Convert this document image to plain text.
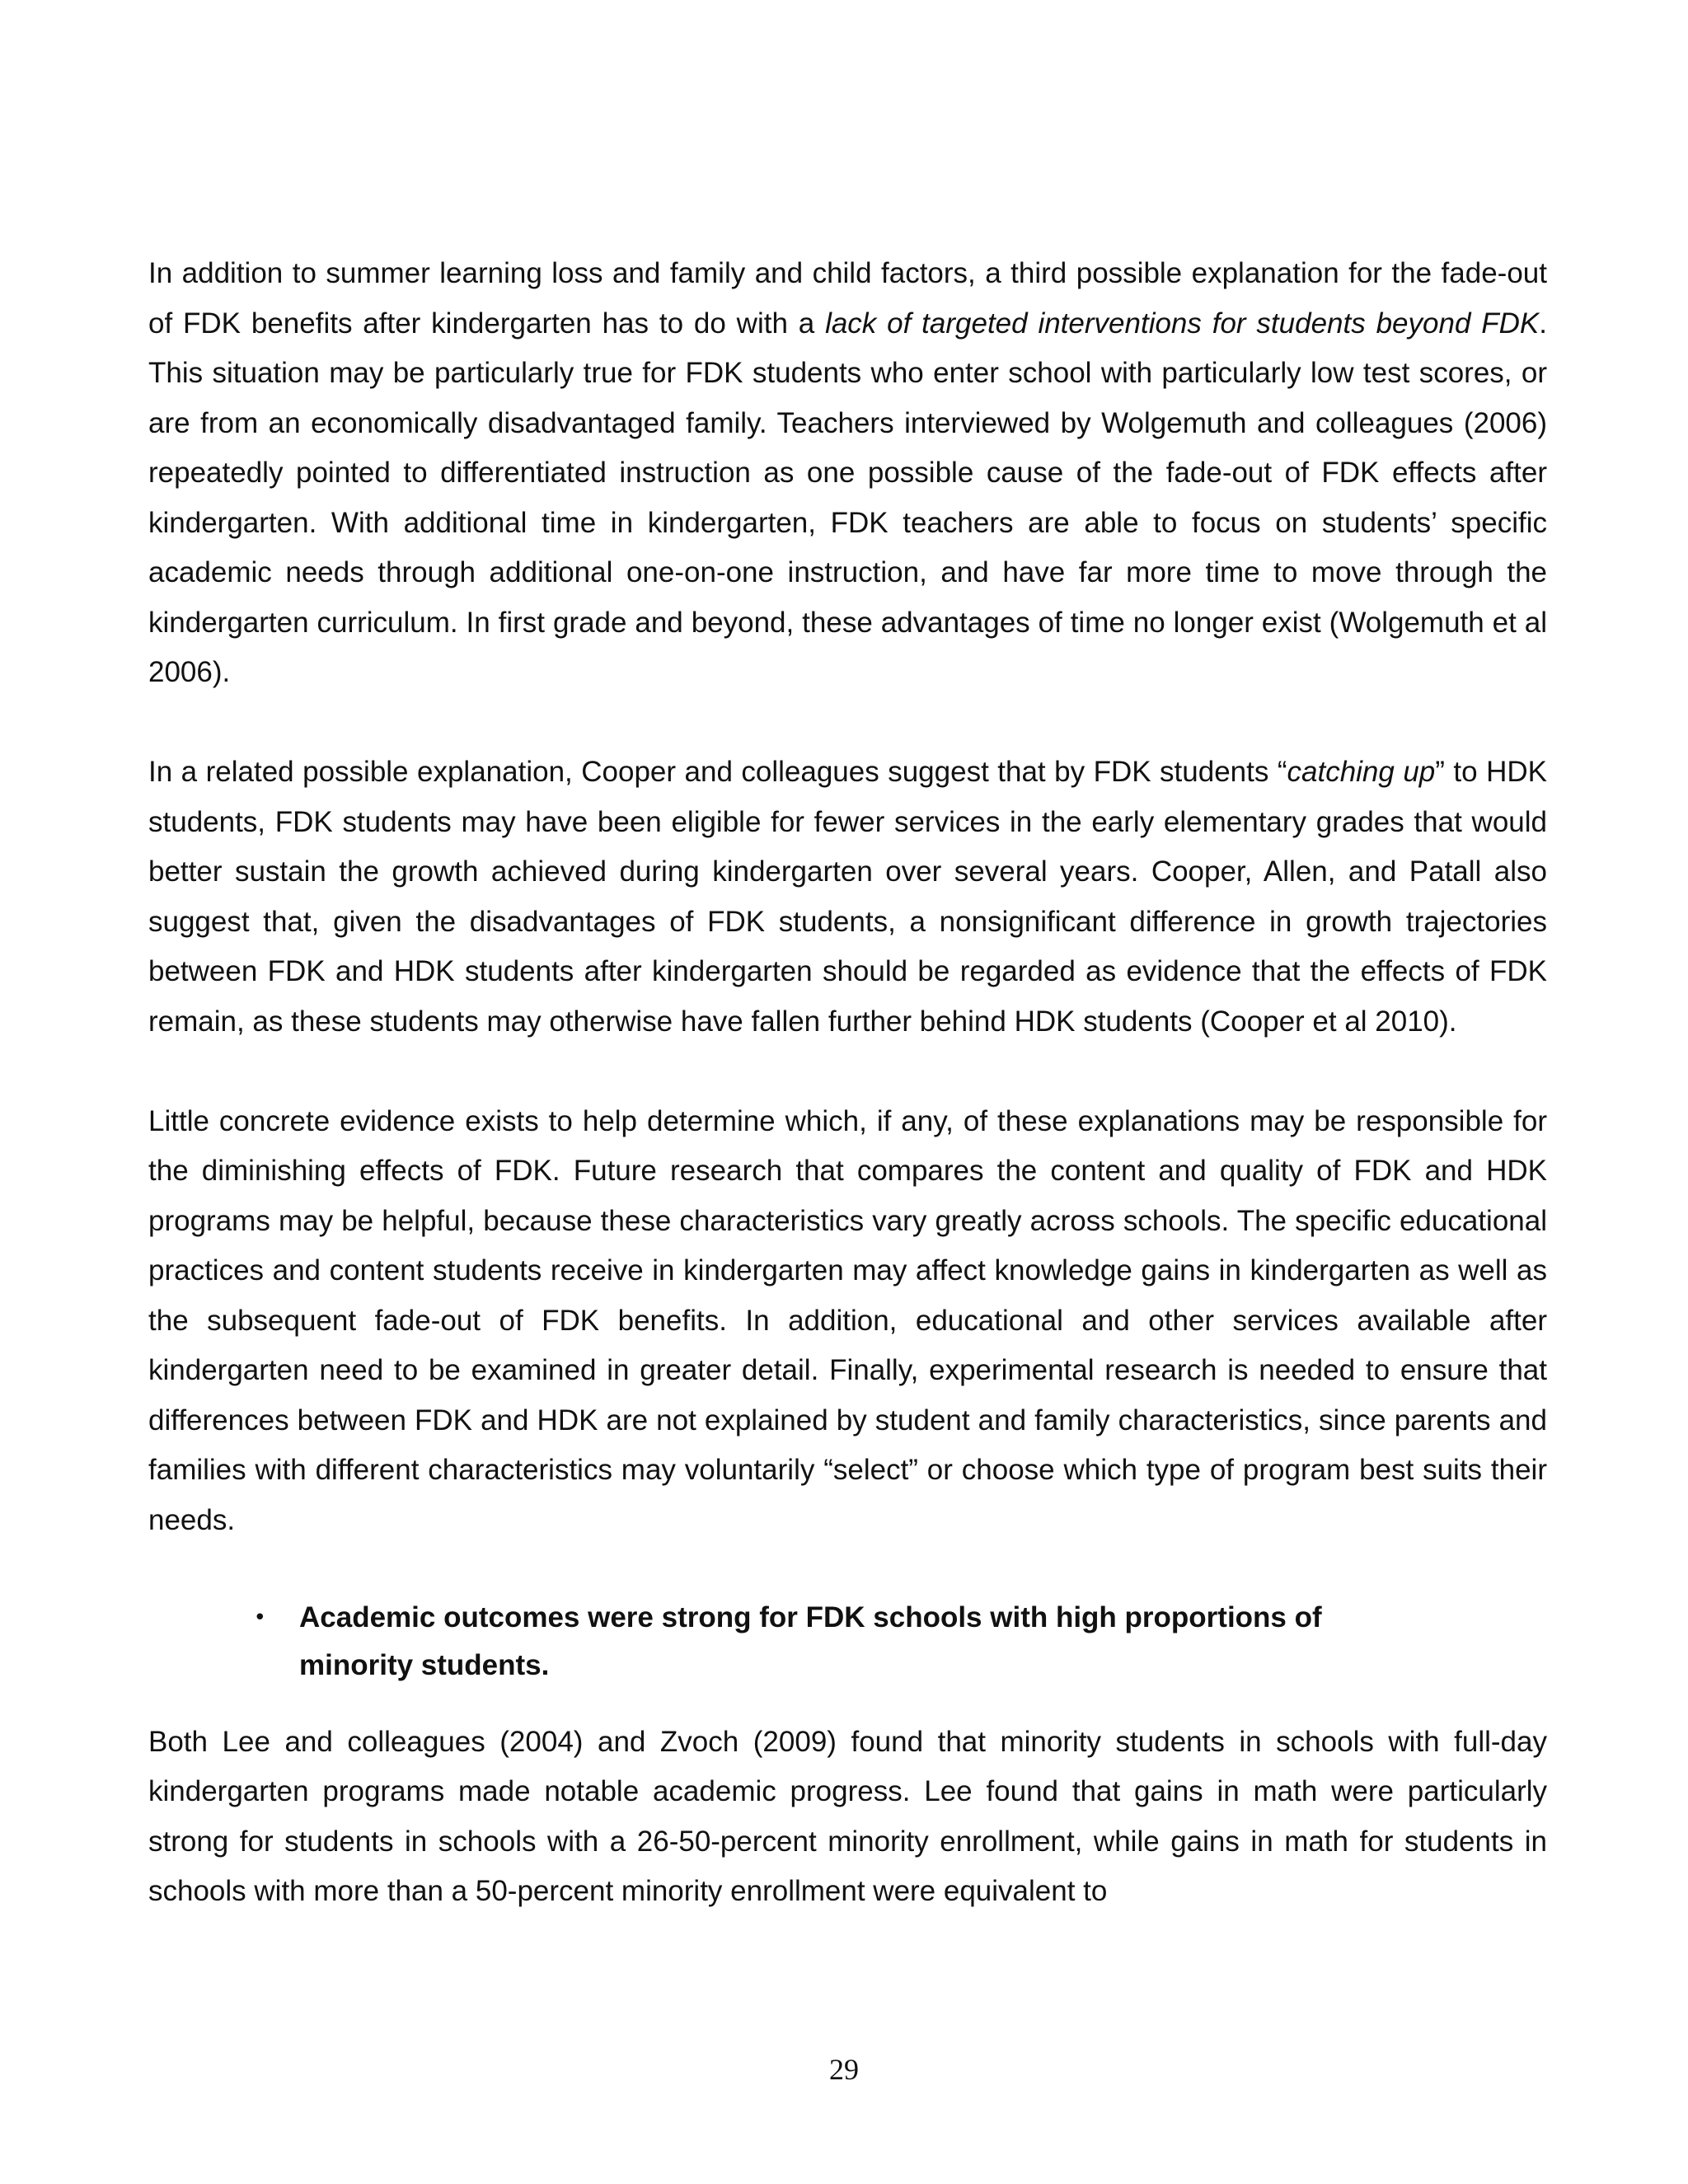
In addition to summer learning loss and family and child factors, a third possible explanation for the fade-out of FDK benefits after kindergarten has to do with a lack of targeted interventions for students beyond FDK. This situation may be particularly true for FDK students who enter school with particularly low test scores, or are from an economically disadvantaged family. Teachers interviewed by Wolgemuth and colleagues (2006) repeatedly pointed to differentiated instruction as one possible cause of the fade-out of FDK effects after kindergarten. With additional time in kindergarten, FDK teachers are able to focus on students’ specific academic needs through additional one-on-one instruction, and have far more time to move through the kindergarten curriculum. In first grade and beyond, these advantages of time no longer exist (Wolgemuth et al 2006).

In a related possible explanation, Cooper and colleagues suggest that by FDK students “catching up” to HDK students, FDK students may have been eligible for fewer services in the early elementary grades that would better sustain the growth achieved during kindergarten over several years. Cooper, Allen, and Patall also suggest that, given the disadvantages of FDK students, a nonsignificant difference in growth trajectories between FDK and HDK students after kindergarten should be regarded as evidence that the effects of FDK remain, as these students may otherwise have fallen further behind HDK students (Cooper et al 2010).

Little concrete evidence exists to help determine which, if any, of these explanations may be responsible for the diminishing effects of FDK. Future research that compares the content and quality of FDK and HDK programs may be helpful, because these characteristics vary greatly across schools. The specific educational practices and content students receive in kindergarten may affect knowledge gains in kindergarten as well as the subsequent fade-out of FDK benefits. In addition, educational and other services available after kindergarten need to be examined in greater detail. Finally, experimental research is needed to ensure that differences between FDK and HDK are not explained by student and family characteristics, since parents and families with different characteristics may voluntarily “select” or choose which type of program best suits their needs.

•	Academic outcomes were strong for FDK schools with high proportions of minority students.

Both Lee and colleagues (2004) and Zvoch (2009) found that minority students in schools with full-day kindergarten programs made notable academic progress. Lee found that gains in math were particularly strong for students in schools with a 26-50-percent minority enrollment, while gains in math for students in schools with more than a 50-percent minority enrollment were equivalent to

29
